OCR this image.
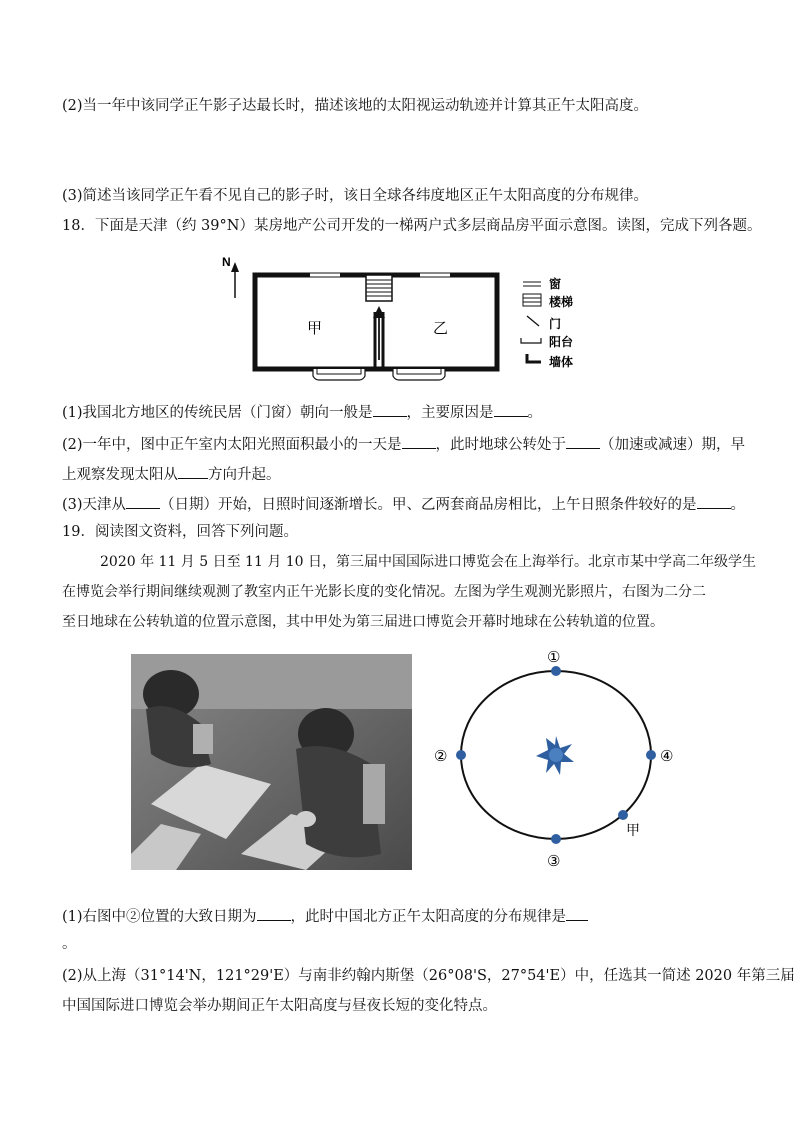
(2)当一年中该同学正午影子达最长时，描述该地的太阳视运动轨迹并计算其正午太阳高度。
(3)简述当该同学正午看不见自己的影子时，该日全球各纬度地区正午太阳高度的分布规律。
18．下面是天津（约 39°N）某房地产公司开发的一梯两户式多层商品房平面示意图。读图，完成下列各题。
N
甲	乙
窗
楼梯
门
阳台
墙体
(1)我国北方地区的传统民居（门窗）朝向一般是 ，主要原因是 。
(2)一年中，图中正午室内太阳光照面积最小的一天是 ，此时地球公转处于 （加速或减速）期，早
上观察发现太阳从 方向升起。
(3)天津从 （日期）开始，日照时间逐渐增长。甲、乙两套商品房相比，上午日照条件较好的是 。
19．阅读图文资料，回答下列问题。
2020 年 11 月 5 日至 11 月 10 日，第三届中国国际进口博览会在上海举行。北京市某中学高二年级学生
在博览会举行期间继续观测了教室内正午光影长度的变化情况。左图为学生观测光影照片，右图为二分二
至日地球在公转轨道的位置示意图，其中甲处为第三届进口博览会开幕时地球在公转轨道的位置。
①
②
③
④
甲
(1)右图中②位置的大致日期为 ，此时中国北方正午太阳高度的分布规律是
。
(2)从上海（31°14'N，121°29'E）与南非约翰内斯堡（26°08'S，27°54'E）中，任选其一简述 2020 年第三届
中国国际进口博览会举办期间正午太阳高度与昼夜长短的变化特点。
